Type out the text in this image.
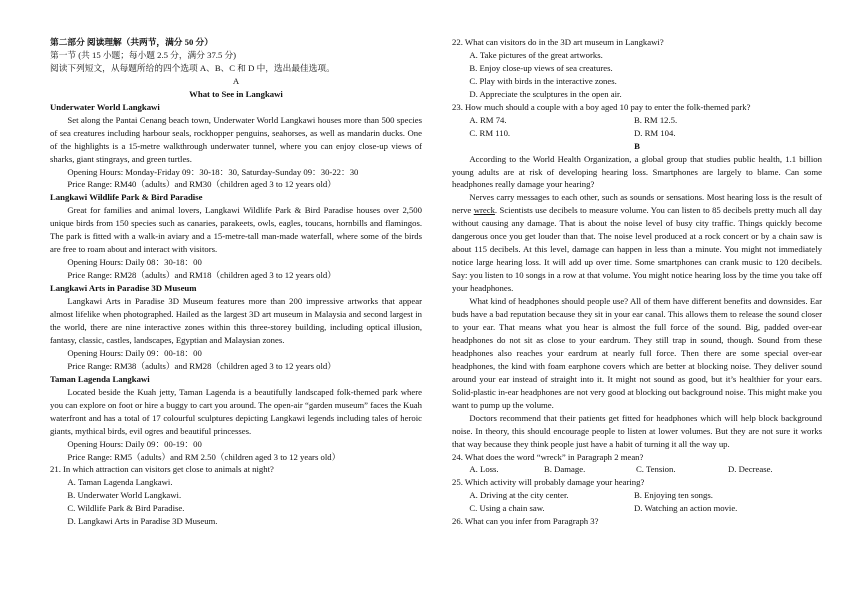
第二部分 阅读理解（共两节，满分 50 分）

第一节 (共 15 小题；每小题 2.5 分，满分 37.5 分)

阅读下列短文，从每题所给的四个选项 A、B、C 和 D 中，选出最佳选项。

A

What to See in Langkawi

Underwater World Langkawi

Set along the Pantai Cenang beach town, Underwater World Langkawi houses more than 500 species of sea creatures including harbour seals, rockhopper penguins, seahorses, as well as mandarin ducks. One of the highlights is a 15-metre walkthrough underwater tunnel, where you can enjoy close-up views of sharks, giant stingrays, and green turtles.

Opening Hours: Monday-Friday 09：30-18：30, Saturday-Sunday 09：30-22：30

Price Range: RM40（adults）and RM30（children aged 3 to 12 years old）

Langkawi Wildlife Park & Bird Paradise

Great for families and animal lovers, Langkawi Wildlife Park & Bird Paradise houses over 2,500 unique birds from 150 species such as canaries, parakeets, owls, eagles, toucans, hornbills and flamingos. The park is fitted with a walk-in aviary and a 15-metre-tall man-made waterfall, where some of the birds are free to roam about and interact with visitors.

Opening Hours: Daily 08：30-18：00

Price Range: RM28（adults）and RM18（children aged 3 to 12 years old）

Langkawi Arts in Paradise 3D Museum

Langkawi Arts in Paradise 3D Museum features more than 200 impressive artworks that appear almost lifelike when photographed. Hailed as the largest 3D art museum in Malaysia and second largest in the world, there are nine interactive zones within this three-storey building, including optical illusion, fantasy, classic, castles, landscapes, Egyptian and Malaysian zones.

Opening Hours: Daily 09：00-18：00

Price Range: RM38（adults）and RM28（children aged 3 to 12 years old）

Taman Lagenda Langkawi

Located beside the Kuah jetty, Taman Lagenda is a beautifully landscaped folk-themed park where you can explore on foot or hire a buggy to cart you around. The open-air “garden museum” faces the Kuah waterfront and has a total of 17 colourful sculptures depicting Langkawi legends including tales of heroic giants, mythical birds, evil ogres and beautiful princesses.

Opening Hours: Daily 09：00-19：00

Price Range: RM5（adults）and RM 2.50（children aged 3 to 12 years old）

21. In which attraction can visitors get close to animals at night?

A. Taman Lagenda Langkawi.

B. Underwater World Langkawi.

C. Wildlife Park & Bird Paradise.

D. Langkawi Arts in Paradise 3D Museum.

22. What can visitors do in the 3D art museum in Langkawi?

A. Take pictures of the great artworks.

B. Enjoy close-up views of sea creatures.

C. Play with birds in the interactive zones.

D. Appreciate the sculptures in the open air.

23. How much should a couple with a boy aged 10 pay to enter the folk-themed park?

A. RM 74.	B. RM 12.5.
C. RM 110.	D. RM 104.

B

According to the World Health Organization, a global group that studies public health, 1.1 billion young adults are at risk of developing hearing loss. Smartphones are largely to blame. Can some headphones really damage your hearing?

Nerves carry messages to each other, such as sounds or sensations. Most hearing loss is the result of nerve wreck. Scientists use decibels to measure volume. You can listen to 85 decibels pretty much all day without causing any damage. That is about the noise level of busy city traffic. Things quickly become dangerous once you get louder than that. The noise level produced at a rock concert or by a chain saw is about 115 decibels. At this level, damage can happen in less than a minute. You might not immediately notice large hearing loss. It will add up over time. Some smartphones can crank music to 120 decibels. Say: you listen to 10 songs in a row at that volume. You might notice hearing loss by the time you take off your headphones.

What kind of headphones should people use? All of them have different benefits and downsides. Ear buds have a bad reputation because they sit in your ear canal. This allows them to release the sound closer to your ear. That means what you hear is almost the full force of the sound. Big, padded over-ear headphones do not sit as close to your eardrum. They still trap in sound, though. Sound from these headphones also reaches your eardrum at nearly full force. Then there are some special over-ear headphones, the kind with foam earphone covers which are better at blocking noise. They deliver sound around your ear instead of straight into it. It might not sound as good, but it’s healthier for your ears. Solid-plastic in-ear headphones are not very good at blocking out background noise. This might make you want to pump up the volume.

Doctors recommend that their patients get fitted for headphones which will help block background noise. In theory, this should encourage people to listen at lower volumes. But they are not sure it works that way because they think people just have a habit of turning it all the way up.

24. What does the word “wreck” in Paragraph 2 mean?

A. Loss.	B. Damage.	C. Tension.	D. Decrease.

25. Which activity will probably damage your hearing?

A. Driving at the city center.	B. Enjoying ten songs.
C. Using a chain saw.	D. Watching an action movie.

26. What can you infer from Paragraph 3?
